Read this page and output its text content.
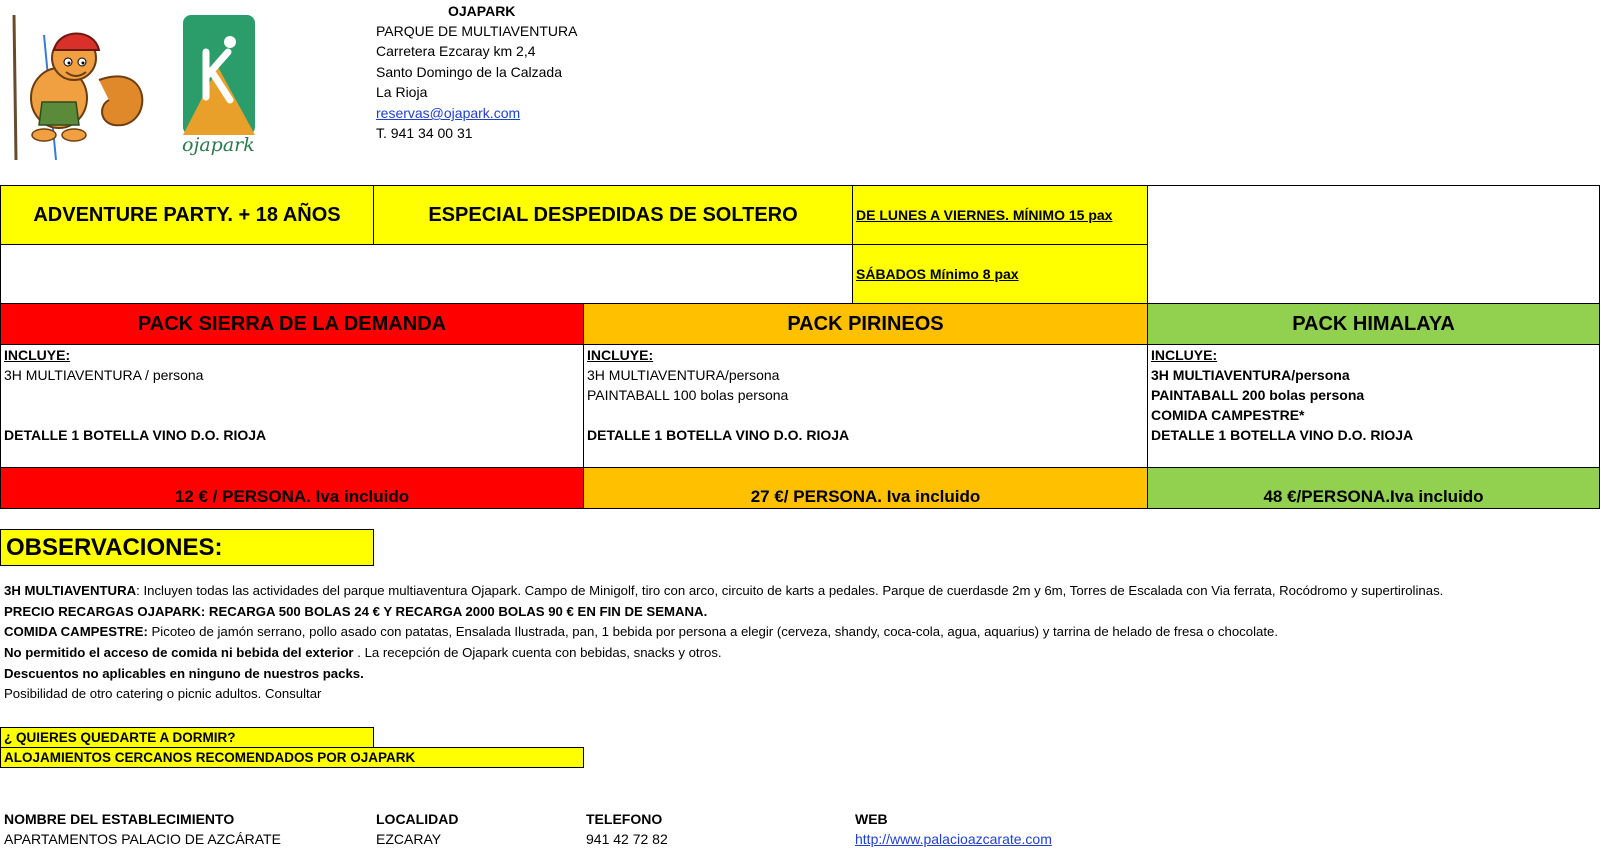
ojapark
OJAPARK
PARQUE DE MULTIAVENTURA
Carretera Ezcaray km 2,4
Santo Domingo de la Calzada
La Rioja
reservas@ojapark.com
T. 941 34 00 31
ADVENTURE PARTY. + 18 AÑOS	ESPECIAL DESPEDIDAS DE SOLTERO	DE LUNES A VIERNES. MÍNIMO 15 pax
SÁBADOS Mínimo 8 pax
PACK SIERRA DE LA DEMANDA	PACK PIRINEOS	PACK HIMALAYA
INCLUYE:
3H MULTIAVENTURA / persona
DETALLE 1 BOTELLA VINO D.O. RIOJA
INCLUYE:
3H MULTIAVENTURA/persona
PAINTABALL 100 bolas persona
DETALLE 1 BOTELLA VINO D.O. RIOJA
INCLUYE:
3H MULTIAVENTURA/persona
PAINTABALL 200 bolas persona
COMIDA CAMPESTRE*
DETALLE 1 BOTELLA VINO D.O. RIOJA
12 € / PERSONA. Iva incluido	27 €/ PERSONA. Iva incluido	48 €/PERSONA.Iva incluido
OBSERVACIONES:
3H MULTIAVENTURA: Incluyen todas las actividades del parque multiaventura Ojapark. Campo de Minigolf, tiro con arco, circuito de karts a pedales. Parque de cuerdasde 2m y 6m, Torres de Escalada con Via ferrata, Rocódromo y supertirolinas.
PRECIO RECARGAS OJAPARK: RECARGA 500 BOLAS 24 € Y RECARGA 2000 BOLAS 90 € EN FIN DE SEMANA.
COMIDA CAMPESTRE: Picoteo de jamón serrano, pollo asado con patatas, Ensalada Ilustrada, pan, 1 bebida por persona a elegir (cerveza, shandy, coca-cola, agua, aquarius) y tarrina de helado de fresa o chocolate.
No permitido el acceso de comida ni bebida del exterior . La recepción de Ojapark cuenta con bebidas, snacks y otros.
Descuentos no aplicables en ninguno de nuestros packs.
Posibilidad de otro catering o picnic adultos. Consultar
¿ QUIERES QUEDARTE A DORMIR?
ALOJAMIENTOS CERCANOS RECOMENDADOS POR OJAPARK
NOMBRE DEL ESTABLECIMIENTO	LOCALIDAD	TELEFONO	WEB
APARTAMENTOS PALACIO DE AZCÁRATE	EZCARAY	941 42 72 82	http://www.palacioazcarate.com
